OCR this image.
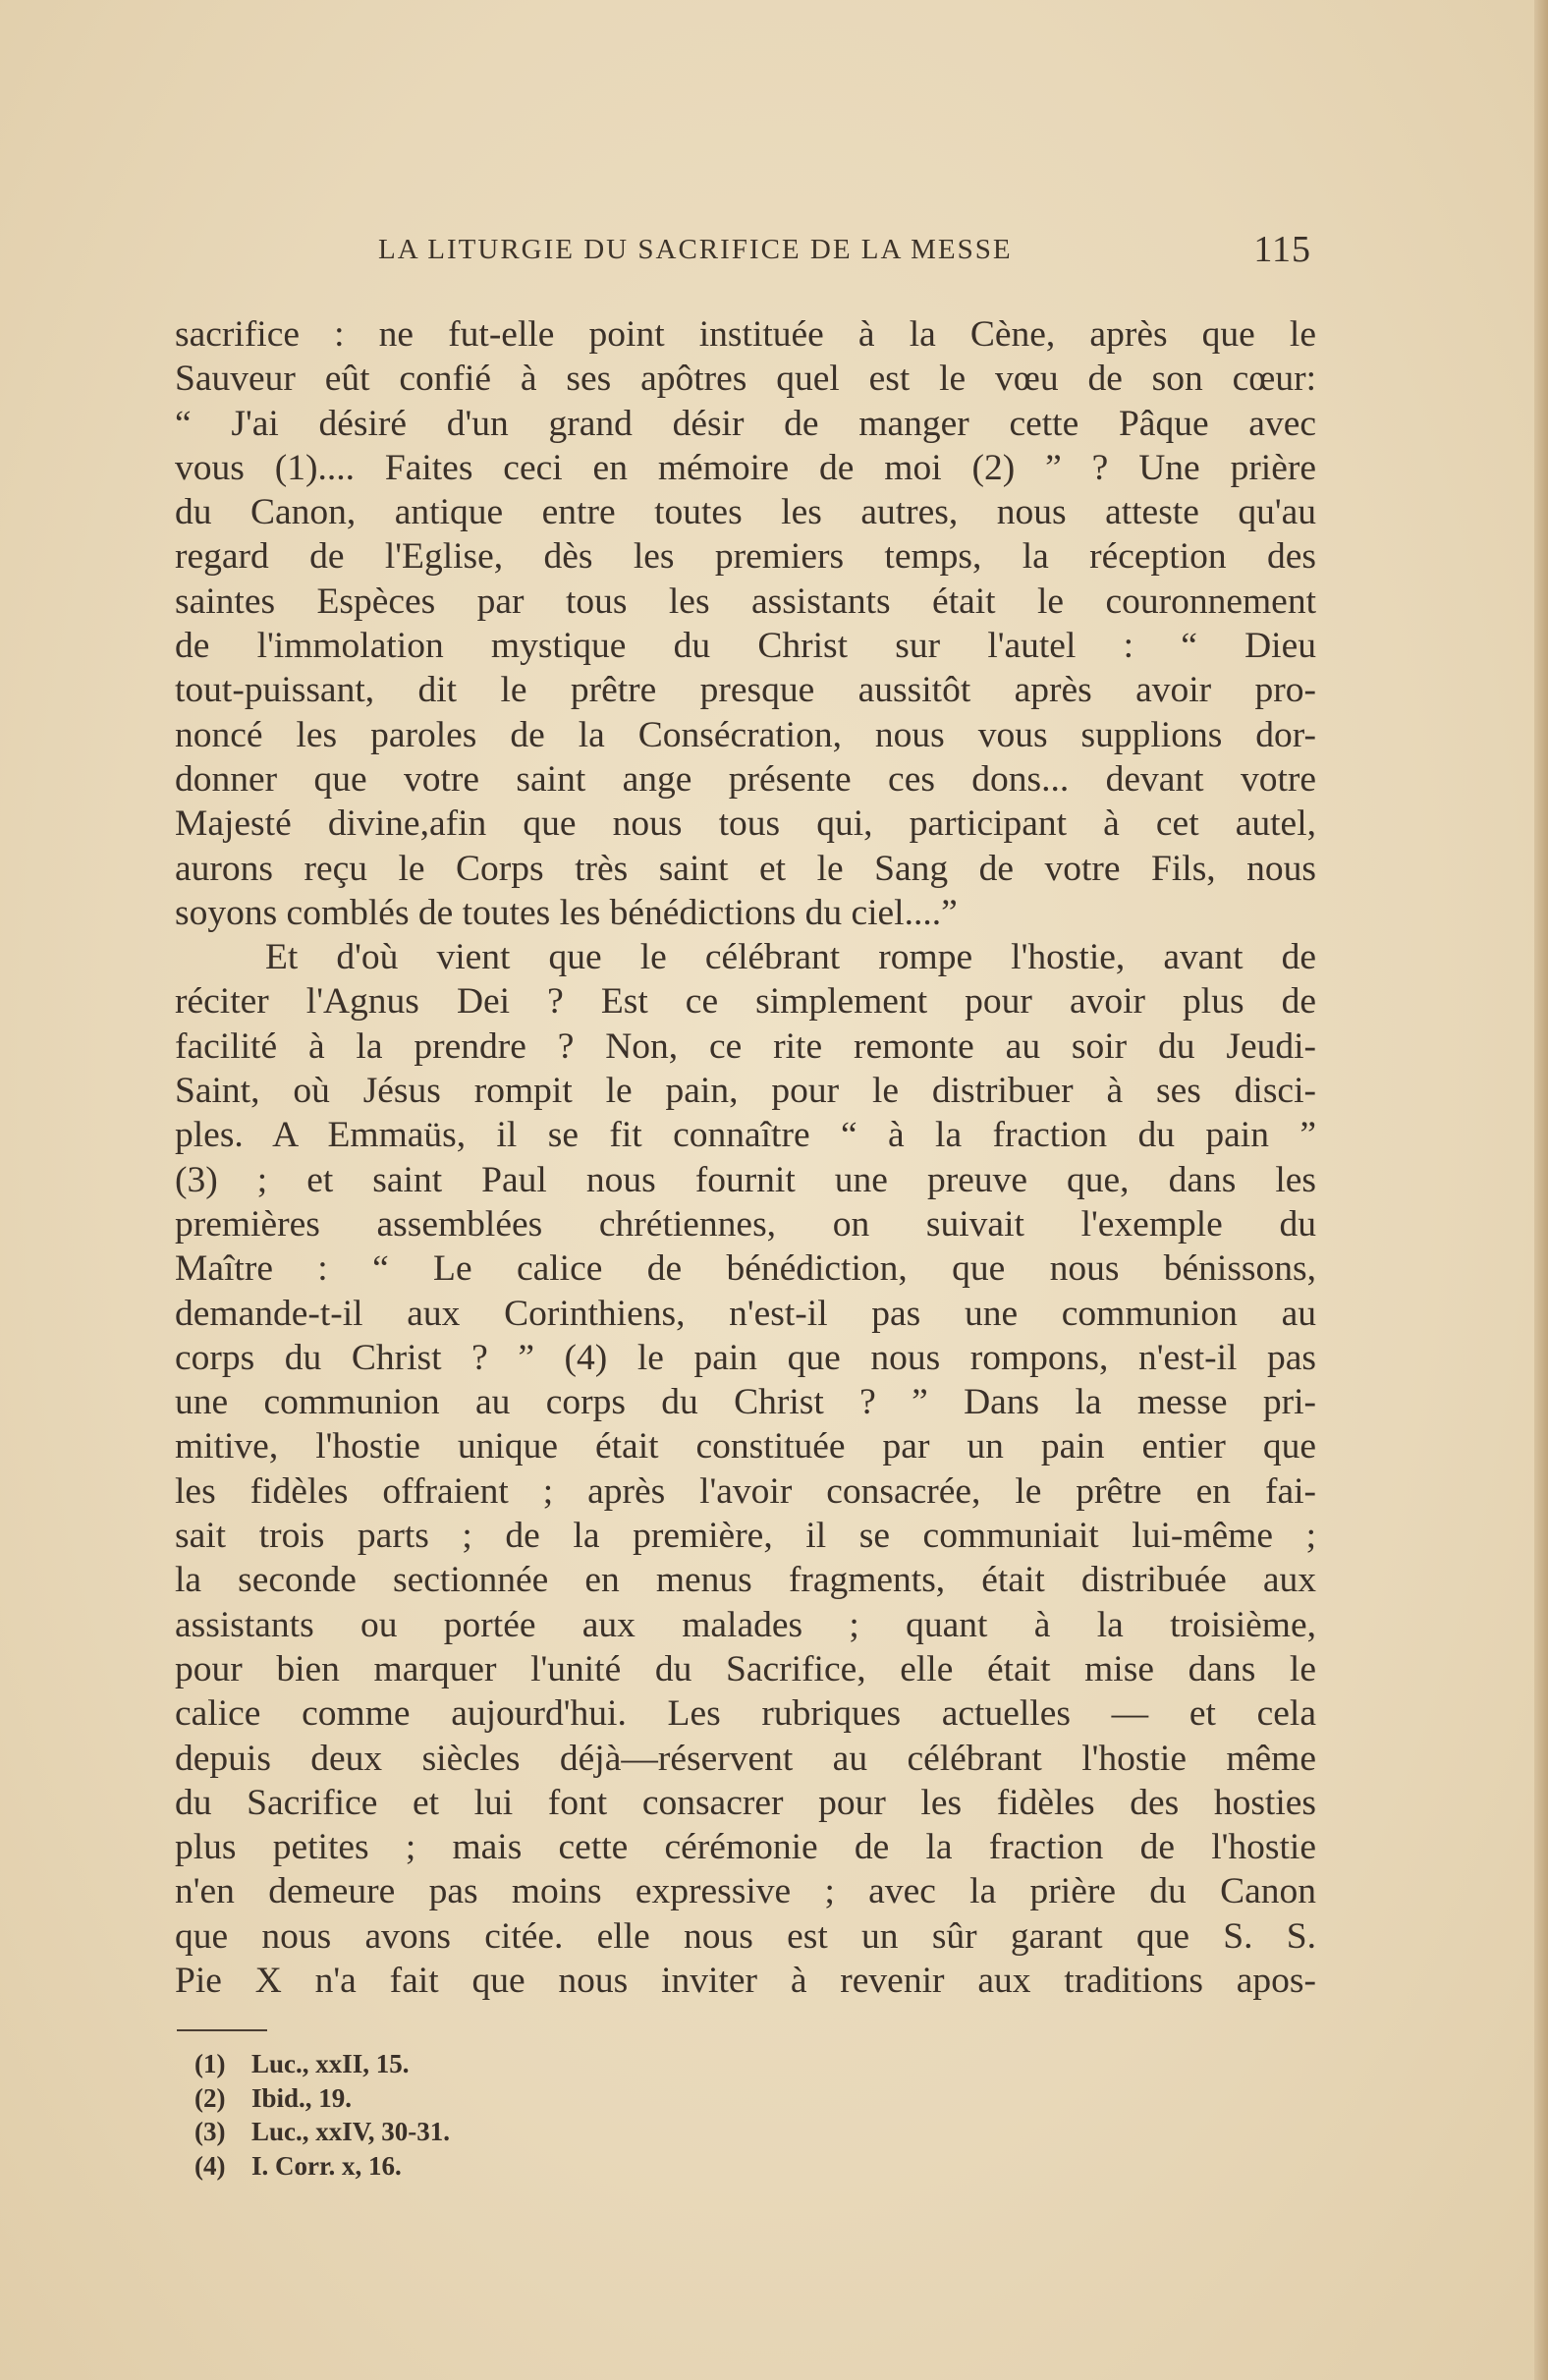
LA LITURGIE DU SACRIFICE DE LA MESSE	115
sacrifice : ne fut-elle point instituée à la Cène, après que le
Sauveur eût confié à ses apôtres quel est le vœu de son cœur:
“ J'ai désiré d'un grand désir de manger cette Pâque avec
vous (1).... Faites ceci en mémoire de moi (2) ” ? Une prière
du Canon, antique entre toutes les autres, nous atteste qu'au
regard de l'Eglise, dès les premiers temps, la réception des
saintes Espèces par tous les assistants était le couronnement
de l'immolation mystique du Christ sur l'autel : “ Dieu
tout-puissant, dit le prêtre presque aussitôt après avoir pro-
noncé les paroles de la Consécration, nous vous supplions dor-
donner que votre saint ange présente ces dons... devant votre
Majesté divine,afin que nous tous qui, participant à cet autel,
aurons reçu le Corps très saint et le Sang de votre Fils, nous
soyons comblés de toutes les bénédictions du ciel....”
Et d'où vient que le célébrant rompe l'hostie, avant de
réciter l'Agnus Dei ? Est ce simplement pour avoir plus de
facilité à la prendre ? Non, ce rite remonte au soir du Jeudi-
Saint, où Jésus rompit le pain, pour le distribuer à ses disci-
ples. A Emmaüs, il se fit connaître “ à la fraction du pain ”
(3) ; et saint Paul nous fournit une preuve que, dans les
premières assemblées chrétiennes, on suivait l'exemple du
Maître : “ Le calice de bénédiction, que nous bénissons,
demande-t-il aux Corinthiens, n'est-il pas une communion au
corps du Christ ? ” (4) le pain que nous rompons, n'est-il pas
une communion au corps du Christ ? ” Dans la messe pri-
mitive, l'hostie unique était constituée par un pain entier que
les fidèles offraient ; après l'avoir consacrée, le prêtre en fai-
sait trois parts ; de la première, il se communiait lui-même ;
la seconde sectionnée en menus fragments, était distribuée aux
assistants ou portée aux malades ; quant à la troisième,
pour bien marquer l'unité du Sacrifice, elle était mise dans le
calice comme aujourd'hui. Les rubriques actuelles — et cela
depuis deux siècles déjà—réservent au célébrant l'hostie même
du Sacrifice et lui font consacrer pour les fidèles des hosties
plus petites ; mais cette cérémonie de la fraction de l'hostie
n'en demeure pas moins expressive ; avec la prière du Canon
que nous avons citée. elle nous est un sûr garant que S. S.
Pie X n'a fait que nous inviter à revenir aux traditions apos-
(1) Luc., xxII, 15.
(2) Ibid., 19.
(3) Luc., xxIV, 30-31.
(4) I. Corr. x, 16.
